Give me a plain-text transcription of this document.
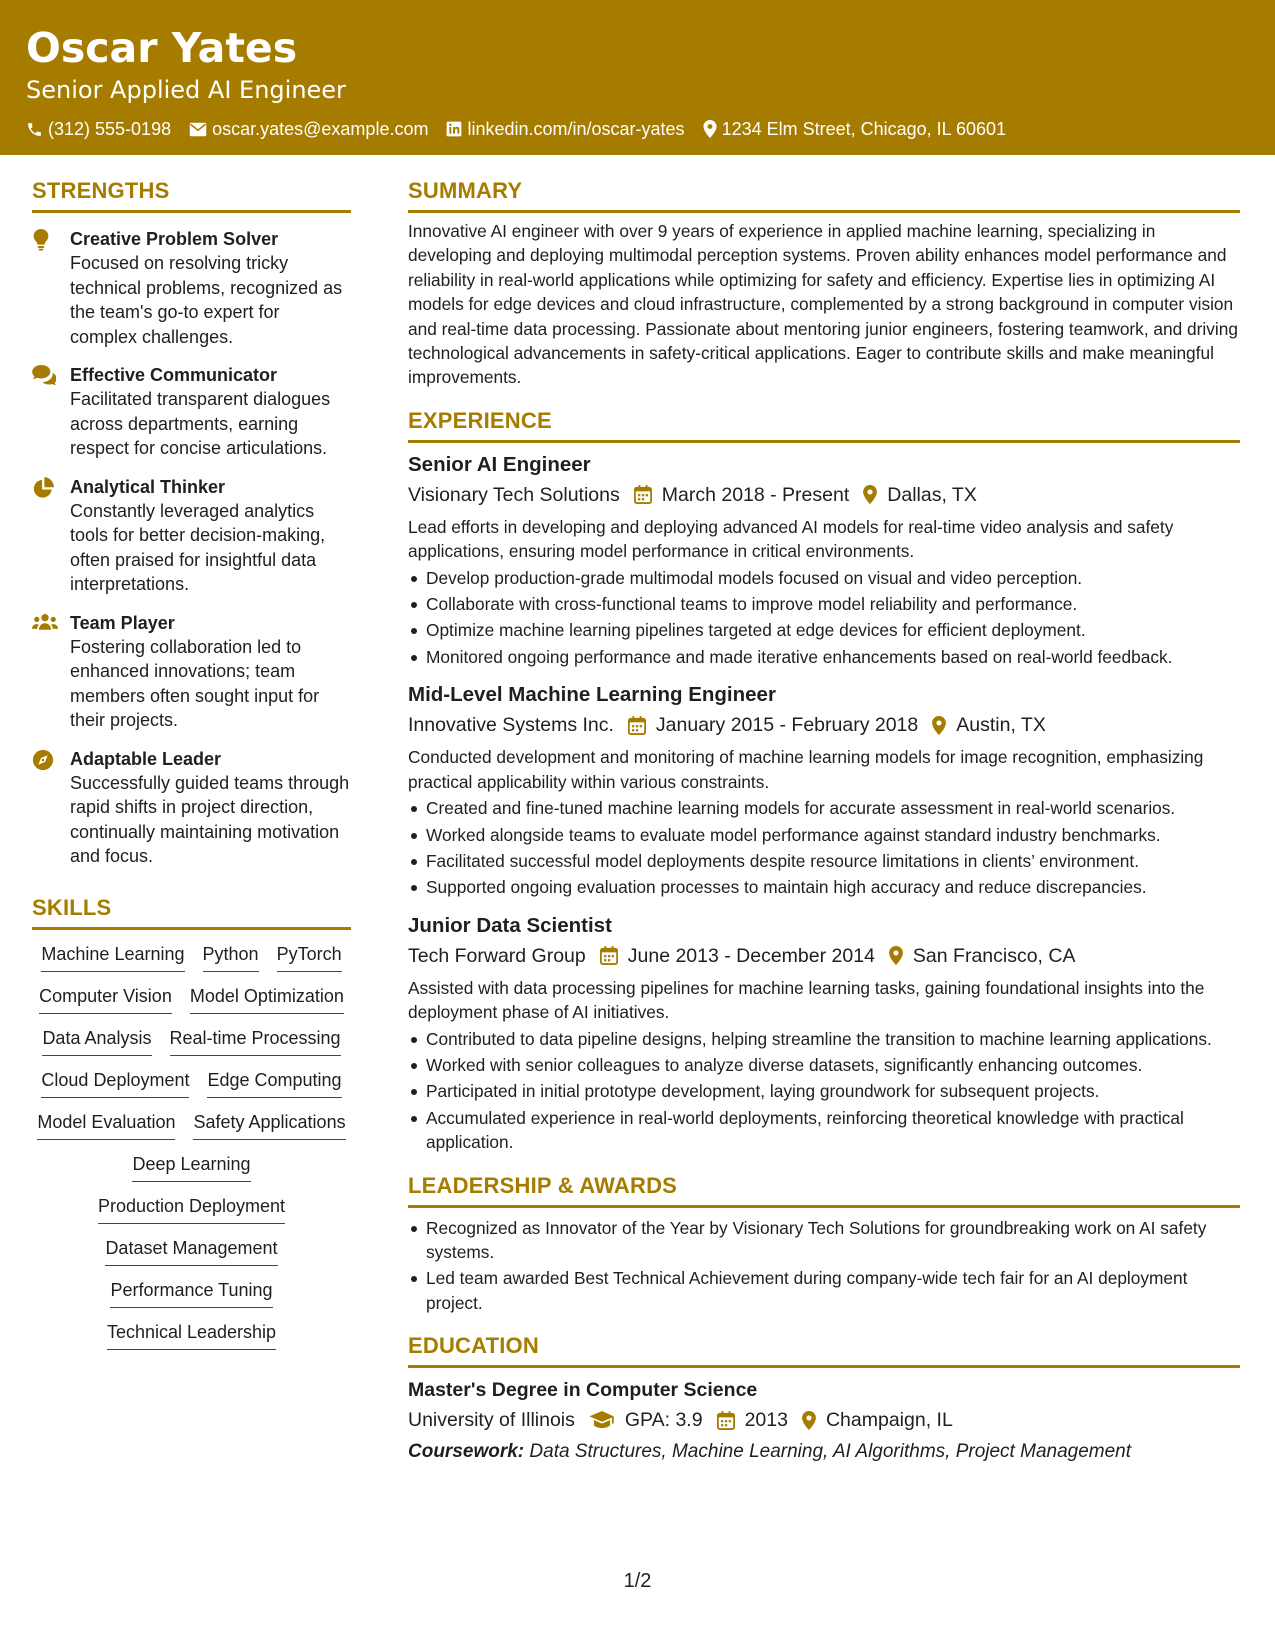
Oscar Yates
Senior Applied AI Engineer
(312) 555-0198 oscar.yates@example.com linkedin.com/in/oscar-yates 1234 Elm Street, Chicago, IL 60601
STRENGTHS
Creative Problem Solver
Focused on resolving tricky technical problems, recognized as the team's go-to expert for complex challenges.
Effective Communicator
Facilitated transparent dialogues across departments, earning respect for concise articulations.
Analytical Thinker
Constantly leveraged analytics tools for better decision-making, often praised for insightful data interpretations.
Team Player
Fostering collaboration led to enhanced innovations; team members often sought input for their projects.
Adaptable Leader
Successfully guided teams through rapid shifts in project direction, continually maintaining motivation and focus.
SKILLS
Machine Learning Python PyTorch
Computer Vision Model Optimization
Data Analysis Real-time Processing
Cloud Deployment Edge Computing
Model Evaluation Safety Applications
Deep Learning
Production Deployment
Dataset Management
Performance Tuning
Technical Leadership
SUMMARY
Innovative AI engineer with over 9 years of experience in applied machine learning, specializing in developing and deploying multimodal perception systems. Proven ability enhances model performance and reliability in real-world applications while optimizing for safety and efficiency. Expertise lies in optimizing AI models for edge devices and cloud infrastructure, complemented by a strong background in computer vision and real-time data processing. Passionate about mentoring junior engineers, fostering teamwork, and driving technological advancements in safety-critical applications. Eager to contribute skills and make meaningful improvements.
EXPERIENCE
Senior AI Engineer
Visionary Tech Solutions March 2018 - Present Dallas, TX
Lead efforts in developing and deploying advanced AI models for real-time video analysis and safety applications, ensuring model performance in critical environments.
Develop production-grade multimodal models focused on visual and video perception.
Collaborate with cross-functional teams to improve model reliability and performance.
Optimize machine learning pipelines targeted at edge devices for efficient deployment.
Monitored ongoing performance and made iterative enhancements based on real-world feedback.
Mid-Level Machine Learning Engineer
Innovative Systems Inc. January 2015 - February 2018 Austin, TX
Conducted development and monitoring of machine learning models for image recognition, emphasizing practical applicability within various constraints.
Created and fine-tuned machine learning models for accurate assessment in real-world scenarios.
Worked alongside teams to evaluate model performance against standard industry benchmarks.
Facilitated successful model deployments despite resource limitations in clients’ environment.
Supported ongoing evaluation processes to maintain high accuracy and reduce discrepancies.
Junior Data Scientist
Tech Forward Group June 2013 - December 2014 San Francisco, CA
Assisted with data processing pipelines for machine learning tasks, gaining foundational insights into the deployment phase of AI initiatives.
Contributed to data pipeline designs, helping streamline the transition to machine learning applications.
Worked with senior colleagues to analyze diverse datasets, significantly enhancing outcomes.
Participated in initial prototype development, laying groundwork for subsequent projects.
Accumulated experience in real-world deployments, reinforcing theoretical knowledge with practical application.
LEADERSHIP & AWARDS
Recognized as Innovator of the Year by Visionary Tech Solutions for groundbreaking work on AI safety systems.
Led team awarded Best Technical Achievement during company-wide tech fair for an AI deployment project.
EDUCATION
Master's Degree in Computer Science
University of Illinois	GPA: 3.9 2013 Champaign, IL
Coursework: Data Structures, Machine Learning, AI Algorithms, Project Management
1/2
